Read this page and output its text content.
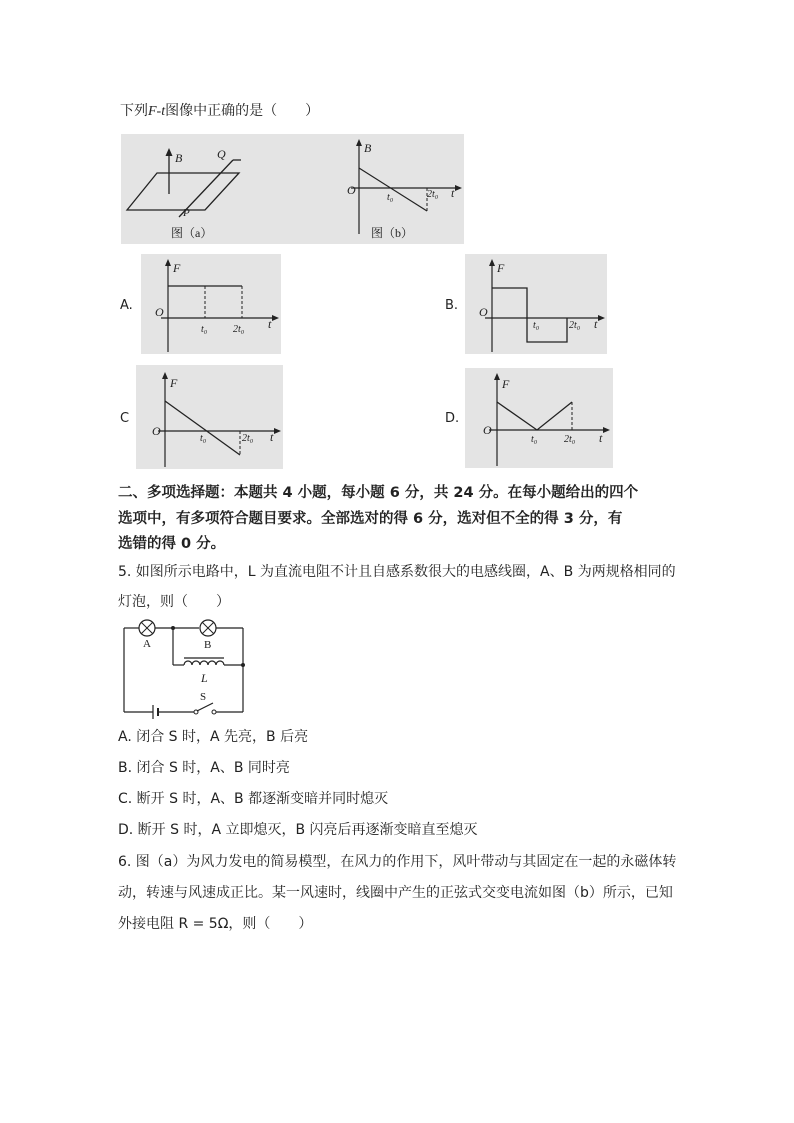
下列F-t图像中正确的是（　　）
B	Q
P
图（a）
B
O
t₀	2t₀ t
图（b）
A.
F
O
t₀	2t₀ t
B.
F
O
t₀	2t₀ t
C
F
O
t₀	2t₀ t
D.
F
O
t₀	2t₀ t
二、多项选择题：本题共 4 小题，每小题 6 分，共 24 分。在每小题给出的四个
选项中，有多项符合题目要求。全部选对的得 6 分，选对但不全的得 3 分，有
选错的得 0 分。
5. 如图所示电路中，L 为直流电阻不计且自感系数很大的电感线圈，A、B 为两规格相同的
灯泡，则（　　）
A	B
L
S
A. 闭合 S 时，A 先亮，B 后亮
B. 闭合 S 时，A、B 同时亮
C. 断开 S 时，A、B 都逐渐变暗并同时熄灭
D. 断开 S 时，A 立即熄灭，B 闪亮后再逐渐变暗直至熄灭
6. 图（a）为风力发电的简易模型，在风力的作用下，风叶带动与其固定在一起的永磁体转
动，转速与风速成正比。某一风速时，线圈中产生的正弦式交变电流如图（b）所示，已知
外接电阻 R = 5Ω，则（　　）
